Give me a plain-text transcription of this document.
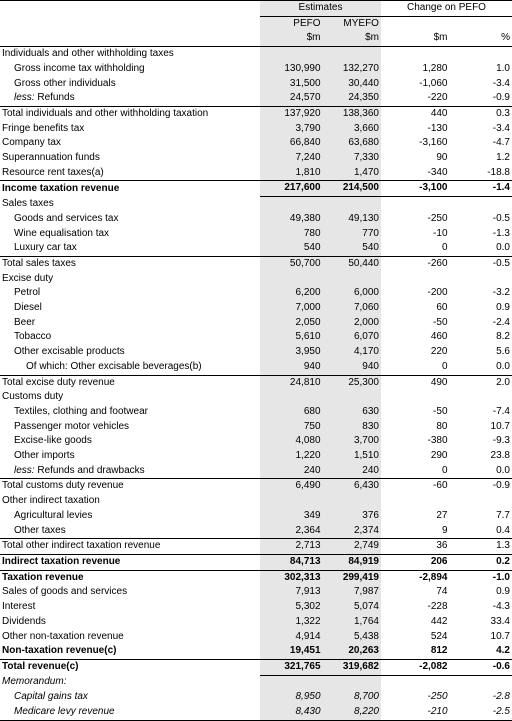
	Estimates		Change on PEFO	
	PEFO	MYEFO		
	$m	$m	$m	%
Individuals and other withholding taxes				
Gross income tax withholding	130,990	132,270	1,280	1.0
Gross other individuals	31,500	30,440	-1,060	-3.4
less: Refunds	24,570	24,350	-220	-0.9
Total individuals and other withholding taxation	137,920	138,360	440	0.3
Fringe benefits tax	3,790	3,660	-130	-3.4
Company tax	66,840	63,680	-3,160	-4.7
Superannuation funds	7,240	7,330	90	1.2
Resource rent taxes(a)	1,810	1,470	-340	-18.8
Income taxation revenue	217,600	214,500	-3,100	-1.4
Sales taxes				
Goods and services tax	49,380	49,130	-250	-0.5
Wine equalisation tax	780	770	-10	-1.3
Luxury car tax	540	540	0	0.0
Total sales taxes	50,700	50,440	-260	-0.5
Excise duty				
Petrol	6,200	6,000	-200	-3.2
Diesel	7,000	7,060	60	0.9
Beer	2,050	2,000	-50	-2.4
Tobacco	5,610	6,070	460	8.2
Other excisable products	3,950	4,170	220	5.6
Of which: Other excisable beverages(b)	940	940	0	0.0
Total excise duty revenue	24,810	25,300	490	2.0
Customs duty				
Textiles, clothing and footwear	680	630	-50	-7.4
Passenger motor vehicles	750	830	80	10.7
Excise-like goods	4,080	3,700	-380	-9.3
Other imports	1,220	1,510	290	23.8
less: Refunds and drawbacks	240	240	0	0.0
Total customs duty revenue	6,490	6,430	-60	-0.9
Other indirect taxation				
Agricultural levies	349	376	27	7.7
Other taxes	2,364	2,374	9	0.4
Total other indirect taxation revenue	2,713	2,749	36	1.3
Indirect taxation revenue	84,713	84,919	206	0.2
Taxation revenue	302,313	299,419	-2,894	-1.0
Sales of goods and services	7,913	7,987	74	0.9
Interest	5,302	5,074	-228	-4.3
Dividends	1,322	1,764	442	33.4
Other non-taxation revenue	4,914	5,438	524	10.7
Non-taxation revenue(c)	19,451	20,263	812	4.2
Total revenue(c)	321,765	319,682	-2,082	-0.6
Memorandum:				
Capital gains tax	8,950	8,700	-250	-2.8
Medicare levy revenue	8,430	8,220	-210	-2.5
